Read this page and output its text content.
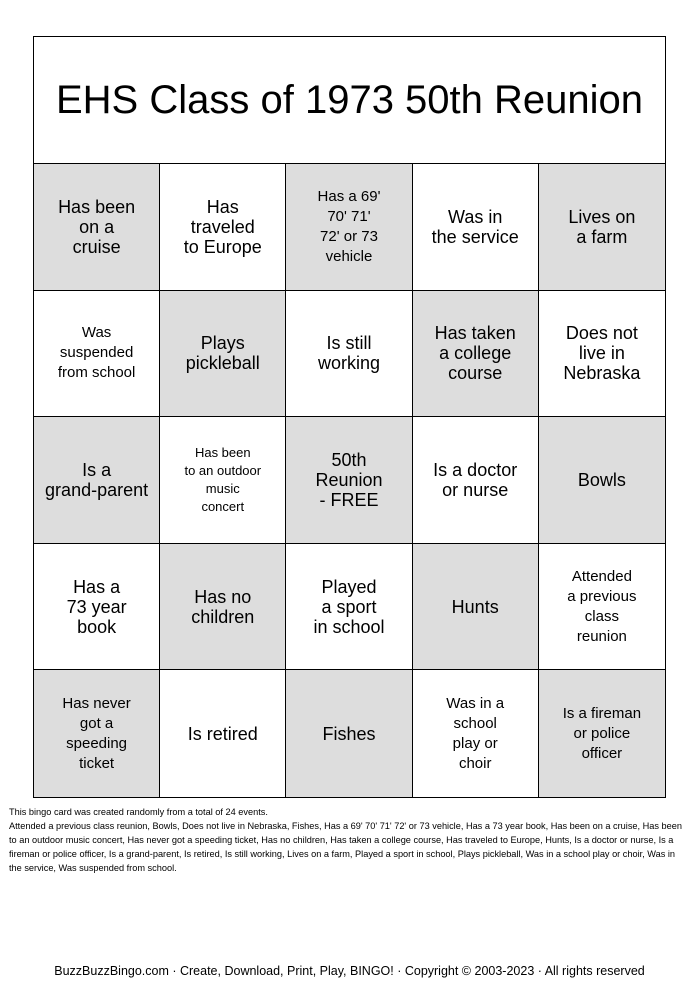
EHS Class of 1973 50th Reunion
Has been
on a
cruise
Has
traveled
to Europe
Has a 69'
70' 71'
72' or 73
vehicle
Was in
the service
Lives on
a farm
Was
suspended
from school
Plays
pickleball
Is still
working
Has taken
a college
course
Does not
live in
Nebraska
Is a
grand-parent
Has been
to an outdoor
music
concert
50th
Reunion
- FREE
Is a doctor
or nurse	Bowls
Has a
73 year
book
Has no
children
Played
a sport
in school
Hunts
Attended
a previous
class
reunion
Has never
got a
speeding
ticket
Is retired	Fishes
Was in a
school
play or
choir
Is a fireman
or police
officer

This bingo card was created randomly from a total of 24 events.

Attended a previous class reunion, Bowls, Does not live in Nebraska, Fishes, Has a 69' 70' 71' 72' or 73 vehicle, Has a 73 year book, Has been on a cruise, Has been to an outdoor music concert, Has never got a speeding ticket, Has no children, Has taken a college course, Has traveled to Europe, Hunts, Is a doctor or nurse, Is a fireman or police officer, Is a grand-parent, Is retired, Is still working, Lives on a farm, Played a sport in school, Plays pickleball, Was in a school play or choir, Was in the service, Was suspended from school.

BuzzBuzzBingo.com · Create, Download, Print, Play, BINGO! · Copyright © 2003-2023 · All rights reserved
